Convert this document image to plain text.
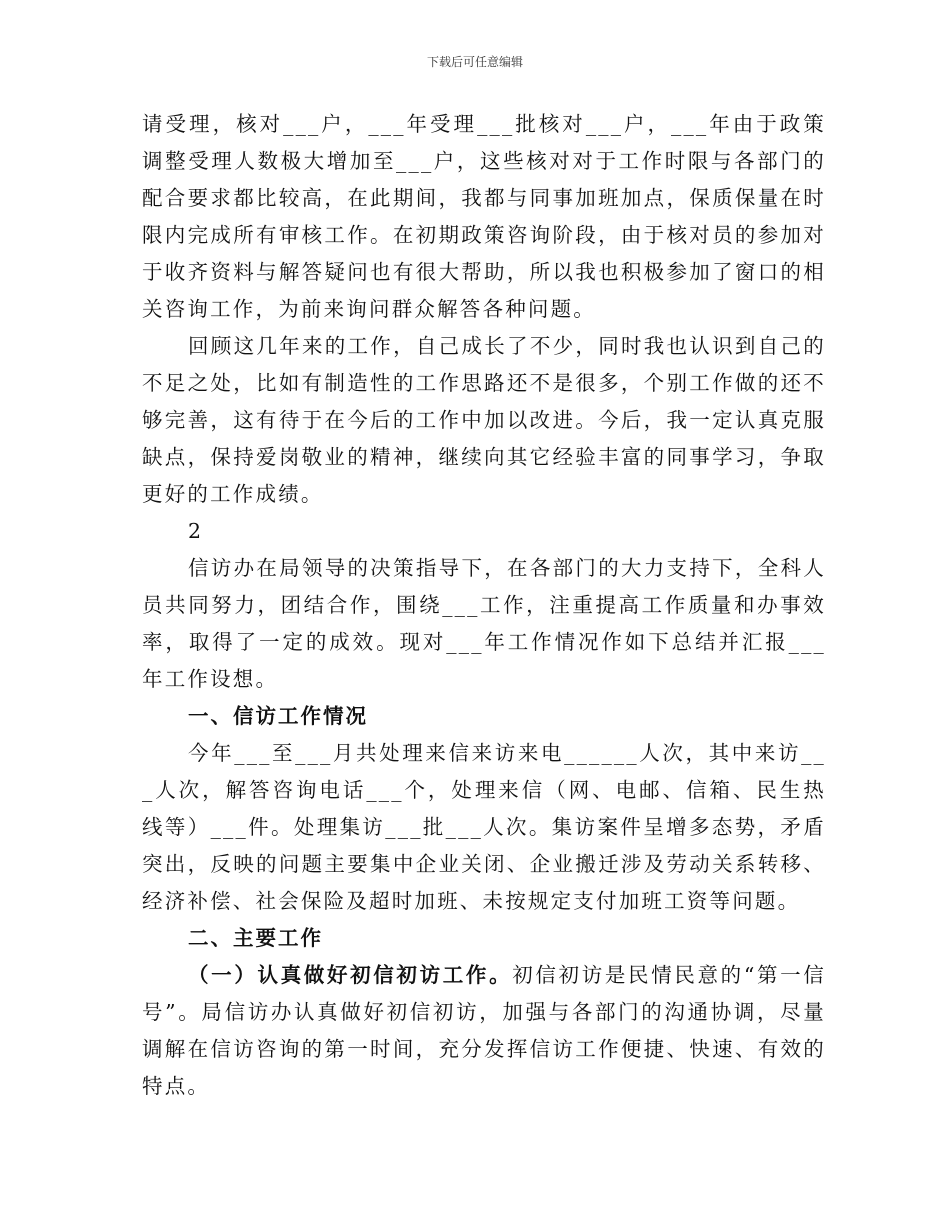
下载后可任意编辑

请受理，核对___户，___年受理___批核对___户，___年由于政策调整受理人数极大增加至___户，这些核对对于工作时限与各部门的配合要求都比较高，在此期间，我都与同事加班加点，保质保量在时限内完成所有审核工作。在初期政策咨询阶段，由于核对员的参加对于收齐资料与解答疑问也有很大帮助，所以我也积极参加了窗口的相关咨询工作，为前来询问群众解答各种问题。

回顾这几年来的工作，自己成长了不少，同时我也认识到自己的不足之处，比如有制造性的工作思路还不是很多，个别工作做的还不够完善，这有待于在今后的工作中加以改进。今后，我一定认真克服缺点，保持爱岗敬业的精神，继续向其它经验丰富的同事学习，争取更好的工作成绩。

2

信访办在局领导的决策指导下，在各部门的大力支持下，全科人员共同努力，团结合作，围绕___工作，注重提高工作质量和办事效率，取得了一定的成效。现对___年工作情况作如下总结并汇报___年工作设想。

一、信访工作情况

今年___至___月共处理来信来访来电______人次，其中来访___人次，解答咨询电话___个，处理来信（网、电邮、信箱、民生热线等）___件。处理集访___批___人次。集访案件呈增多态势，矛盾突出，反映的问题主要集中企业关闭、企业搬迁涉及劳动关系转移、经济补偿、社会保险及超时加班、未按规定支付加班工资等问题。

二、主要工作

（一）认真做好初信初访工作。初信初访是民情民意的“第一信号”。局信访办认真做好初信初访，加强与各部门的沟通协调，尽量调解在信访咨询的第一时间，充分发挥信访工作便捷、快速、有效的特点。
